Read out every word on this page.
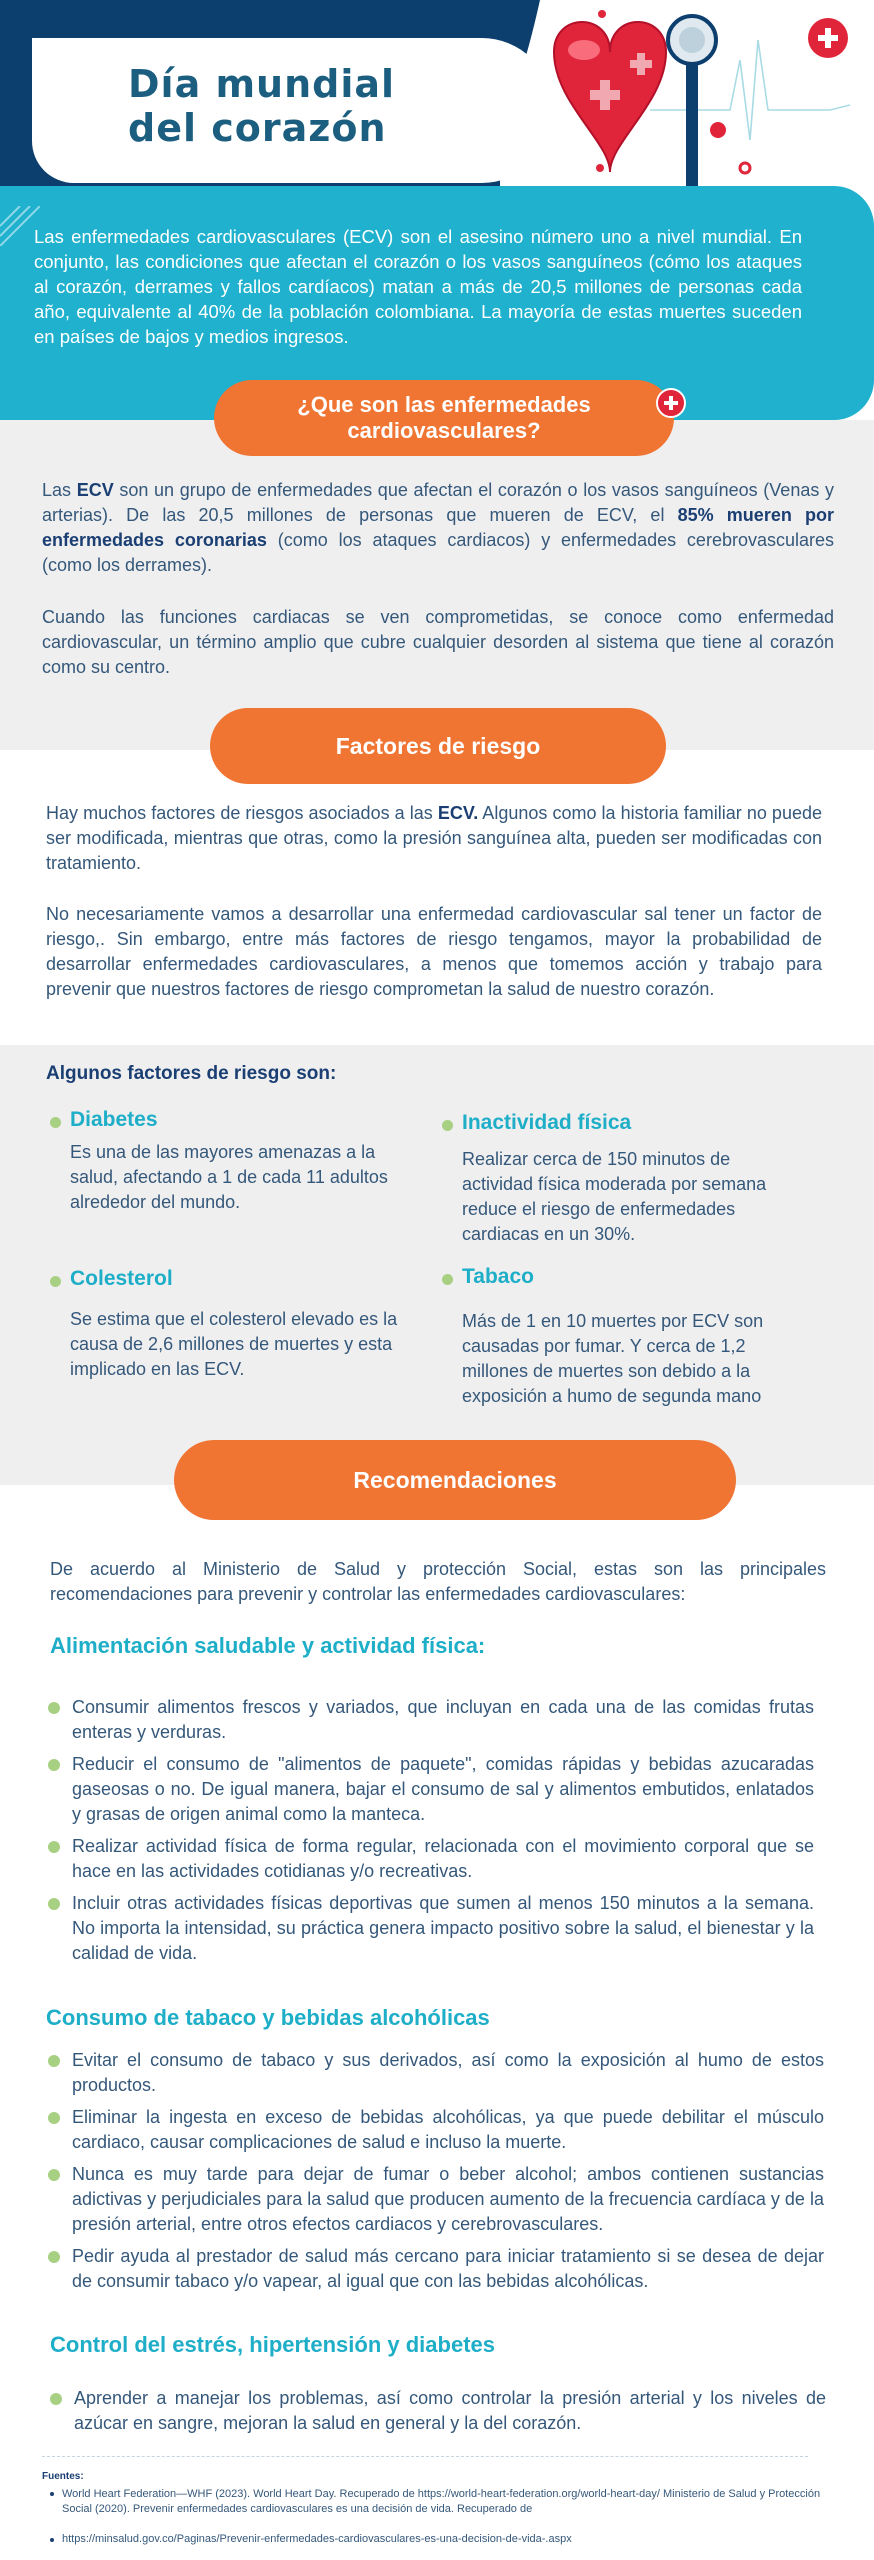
Día mundial
del corazón
Las enfermedades cardiovasculares (ECV) son el asesino número uno a nivel mundial. En conjunto, las condiciones que afectan el corazón o los vasos sanguíneos (cómo los ataques al corazón, derrames y fallos cardíacos) matan a más de 20,5 millones de personas cada año, equivalente al 40% de la población colombiana. La mayoría de estas muertes suceden en países de bajos y medios ingresos.
¿Que son las enfermedades
cardiovasculares?

Las ECV son un grupo de enfermedades que afectan el corazón o los vasos sanguíneos (Venas y arterias). De las 20,5 millones de personas que mueren de ECV, el 85% mueren por enfermedades coronarias (como los ataques cardiacos) y enfermedades cerebrovasculares (como los derrames).

Cuando las funciones cardiacas se ven comprometidas, se conoce como enfermedad cardiovascular, un término amplio que cubre cualquier desorden al sistema que tiene al corazón como su centro.

Factores de riesgo

Hay muchos factores de riesgos asociados a las ECV. Algunos como la historia familiar no puede ser modificada, mientras que otras, como la presión sanguínea alta, pueden ser modificadas con tratamiento.

No necesariamente vamos a desarrollar una enfermedad cardiovascular sal tener un factor de riesgo,. Sin embargo, entre más factores de riesgo tengamos, mayor la probabilidad de desarrollar enfermedades cardiovasculares, a menos que tomemos acción y trabajo para prevenir que nuestros factores de riesgo comprometan la salud de nuestro corazón.

Algunos factores de riesgo son:
Diabetes
Es una de las mayores amenazas a la salud, afectando a 1 de cada 11 adultos alrededor del mundo.
Inactividad física
Realizar cerca de 150 minutos de actividad física moderada por semana reduce el riesgo de enfermedades cardiacas en un 30%.
Colesterol
Se estima que el colesterol elevado es la causa de 2,6 millones de muertes y esta implicado en las ECV.
Tabaco
Más de 1 en 10 muertes por ECV son causadas por fumar. Y cerca de 1,2 millones de muertes son debido a la exposición a humo de segunda mano
Recomendaciones

De acuerdo al Ministerio de Salud y protección Social, estas son las principales recomendaciones para prevenir y controlar las enfermedades cardiovasculares:

Alimentación saludable y actividad física:
Consumir alimentos frescos y variados, que incluyan en cada una de las comidas frutas enteras y verduras.
Reducir el consumo de "alimentos de paquete", comidas rápidas y bebidas azucaradas gaseosas o no. De igual manera, bajar el consumo de sal y alimentos embutidos, enlatados y grasas de origen animal como la manteca.
Realizar actividad física de forma regular, relacionada con el movimiento corporal que se hace en las actividades cotidianas y/o recreativas.
Incluir otras actividades físicas deportivas que sumen al menos 150 minutos a la semana. No importa la intensidad, su práctica genera impacto positivo sobre la salud, el bienestar y la calidad de vida.
Consumo de tabaco y bebidas alcohólicas
Evitar el consumo de tabaco y sus derivados, así como la exposición al humo de estos productos.
Eliminar la ingesta en exceso de bebidas alcohólicas, ya que puede debilitar el músculo cardiaco, causar complicaciones de salud e incluso la muerte.
Nunca es muy tarde para dejar de fumar o beber alcohol; ambos contienen sustancias adictivas y perjudiciales para la salud que producen aumento de la frecuencia cardíaca y de la presión arterial, entre otros efectos cardiacos y cerebrovasculares.
Pedir ayuda al prestador de salud más cercano para iniciar tratamiento si se desea de dejar de consumir tabaco y/o vapear, al igual que con las bebidas alcohólicas.
Control del estrés, hipertensión y diabetes
Aprender a manejar los problemas, así como controlar la presión arterial y los niveles de azúcar en sangre, mejoran la salud en general y la del corazón.
Fuentes:
World Heart Federation—WHF (2023). World Heart Day. Recuperado de https://world-heart-federation.org/world-heart-day/ Ministerio de Salud y Protección Social (2020). Prevenir enfermedades cardiovasculares es una decisión de vida. Recuperado de
https://minsalud.gov.co/Paginas/Prevenir-enfermedades-cardiovasculares-es-una-decision-de-vida-.aspx
